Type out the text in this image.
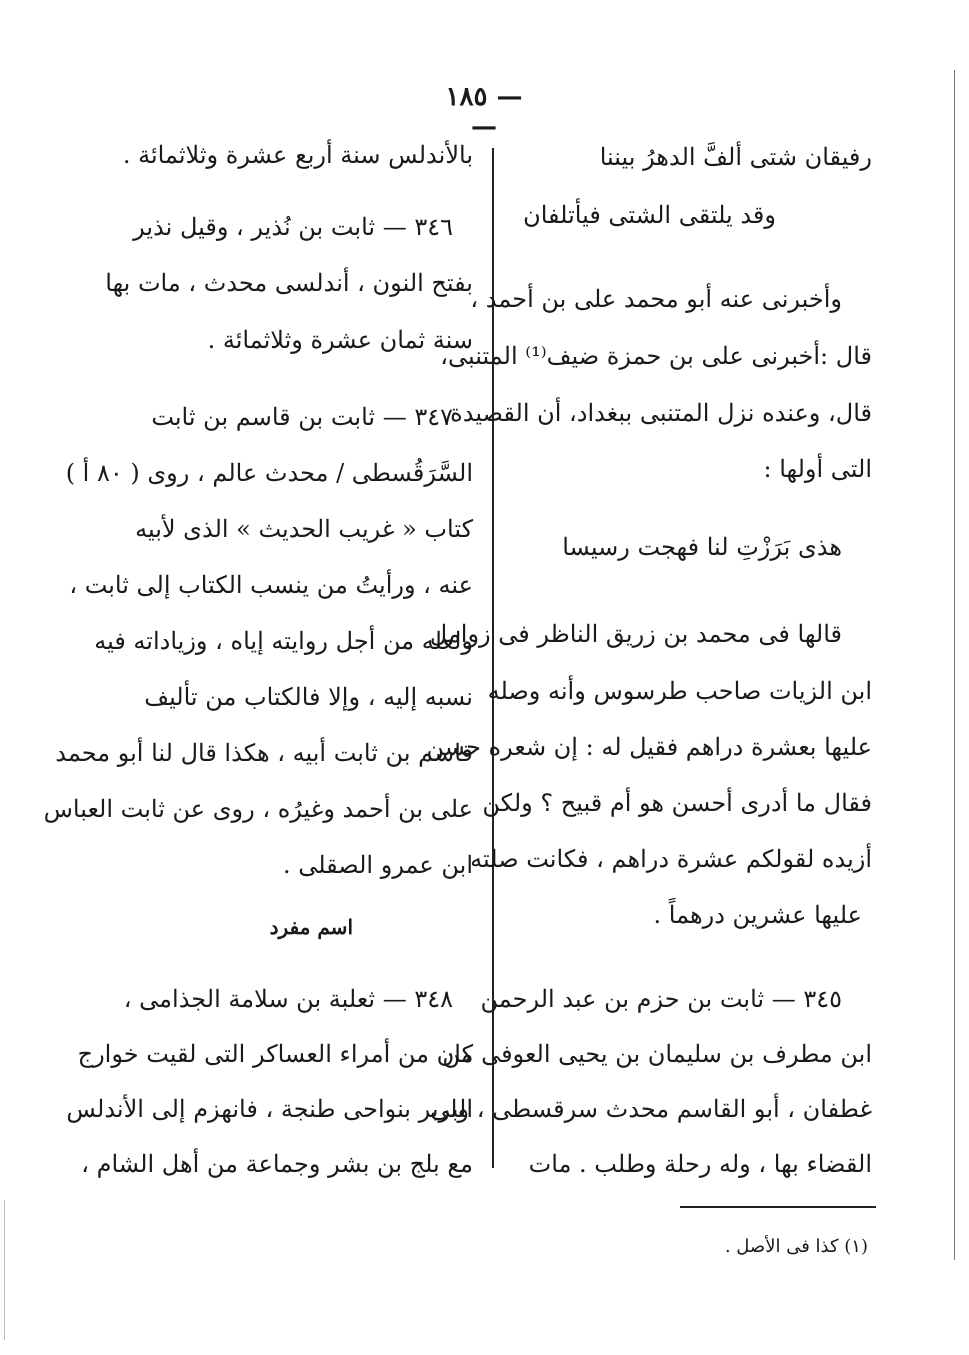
— ١٨٥ —
رفيقان شتى ألفَّ الدهرُ بيننا
وقد يلتقى الشتى فيأتلفان
وأخبرنى عنه أبو محمد على بن أحمد ،
قال :أخبرنى على بن حمزة ضيف⁽¹⁾ المتنبى،
قال، وعنده نزل المتنبى ببغداد، أن القصيدة
التى أولها :
هذى بَرَزْتِ لنا فهجت رسيسا
قالها فى محمد بن زريق الناظر فى زوامل
ابن الزيات صاحب طرسوس وأنه وصله
عليها بعشرة دراهم فقيل له : إن شعره حسن
فقال ما أدرى أحسن هو أم قبيح ؟ ولكن
أزيده لقولكم عشرة دراهم ، فكانت صلته
عليها عشرين درهماً .
٣٤٥ — ثابت بن حزم بن عبد الرحمن
ابن مطرف بن سليمان بن يحيى العوفى من
غطفان ، أبو القاسم محدث سرقسطى ، ولى
القضاء بها ، وله رحلة وطلب . مات
بالأندلس سنة أربع عشرة وثلاثمائة .
٣٤٦ — ثابت بن نُذير ، وقيل نذير
بفتح النون ، أندلسى محدث ، مات بها
سنة ثمان عشرة وثلاثمائة .
٣٤٧ — ثابت بن قاسم بن ثابت
السَّرَقُسطى / محدث عالم ، روى ( ٨٠ أ )
كتاب « غريب الحديث » الذى لأبيه
عنه ، ورأيتُ من ينسب الكتاب إلى ثابت ،
ولعله من أجل روايته إياه ، وزياداته فيه
نسبه إليه ، وإلا فالكتاب من تأليف
قاسم بن ثابت أبيه ، هكذا قال لنا أبو محمد
على بن أحمد وغيرُه ، روى عن ثابت العباس
ابن عمرو الصقلى .
اسم مفرد
٣٤٨ — ثعلبة بن سلامة الجذامى ،
كان من أمراء العساكر التى لقيت خوارج
البربر بنواحى طنجة ، فانهزم إلى الأندلس
مع بلج بن بشر وجماعة من أهل الشام ،
(١) كذا فى الأصل .
